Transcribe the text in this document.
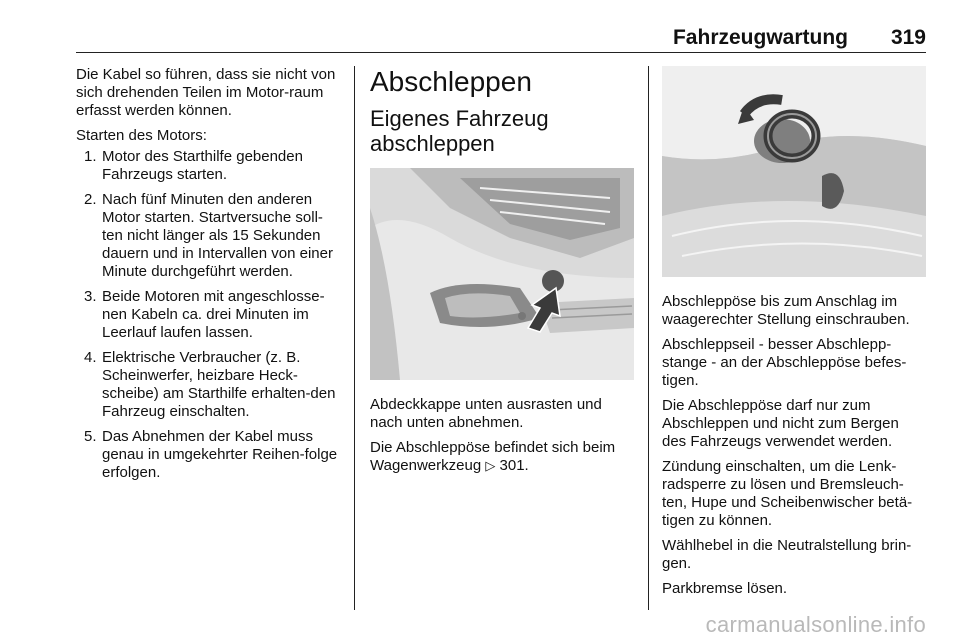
Fahrzeugwartung 319

Die Kabel so führen, dass sie nicht von sich drehenden Teilen im Motor-raum erfasst werden können.

Starten des Motors:

1. Motor des Starthilfe gebenden Fahrzeugs starten.
2. Nach fünf Minuten den anderen Motor starten. Startversuche soll-ten nicht länger als 15 Sekunden dauern und in Intervallen von einer Minute durchgeführt werden.
3. Beide Motoren mit angeschlosse-nen Kabeln ca. drei Minuten im Leerlauf laufen lassen.
4. Elektrische Verbraucher (z. B. Scheinwerfer, heizbare Heck-scheibe) am Starthilfe erhalten-den Fahrzeug einschalten.
5. Das Abnehmen der Kabel muss genau in umgekehrter Reihen-folge erfolgen.
Abschleppen
Eigenes Fahrzeug abschleppen

Abdeckkappe unten ausrasten und nach unten abnehmen.

Die Abschleppöse befindet sich beim Wagenwerkzeug ▷ 301.

Abschleppöse bis zum Anschlag im waagerechter Stellung einschrauben.

Abschleppseil - besser Abschlepp-stange - an der Abschleppöse befes-tigen.

Die Abschleppöse darf nur zum Abschleppen und nicht zum Bergen des Fahrzeugs verwendet werden.

Zündung einschalten, um die Lenk-radsperre zu lösen und Bremsleuch-ten, Hupe und Scheibenwischer betä-tigen zu können.

Wählhebel in die Neutralstellung brin-gen.

Parkbremse lösen.

carmanualsonline.info
